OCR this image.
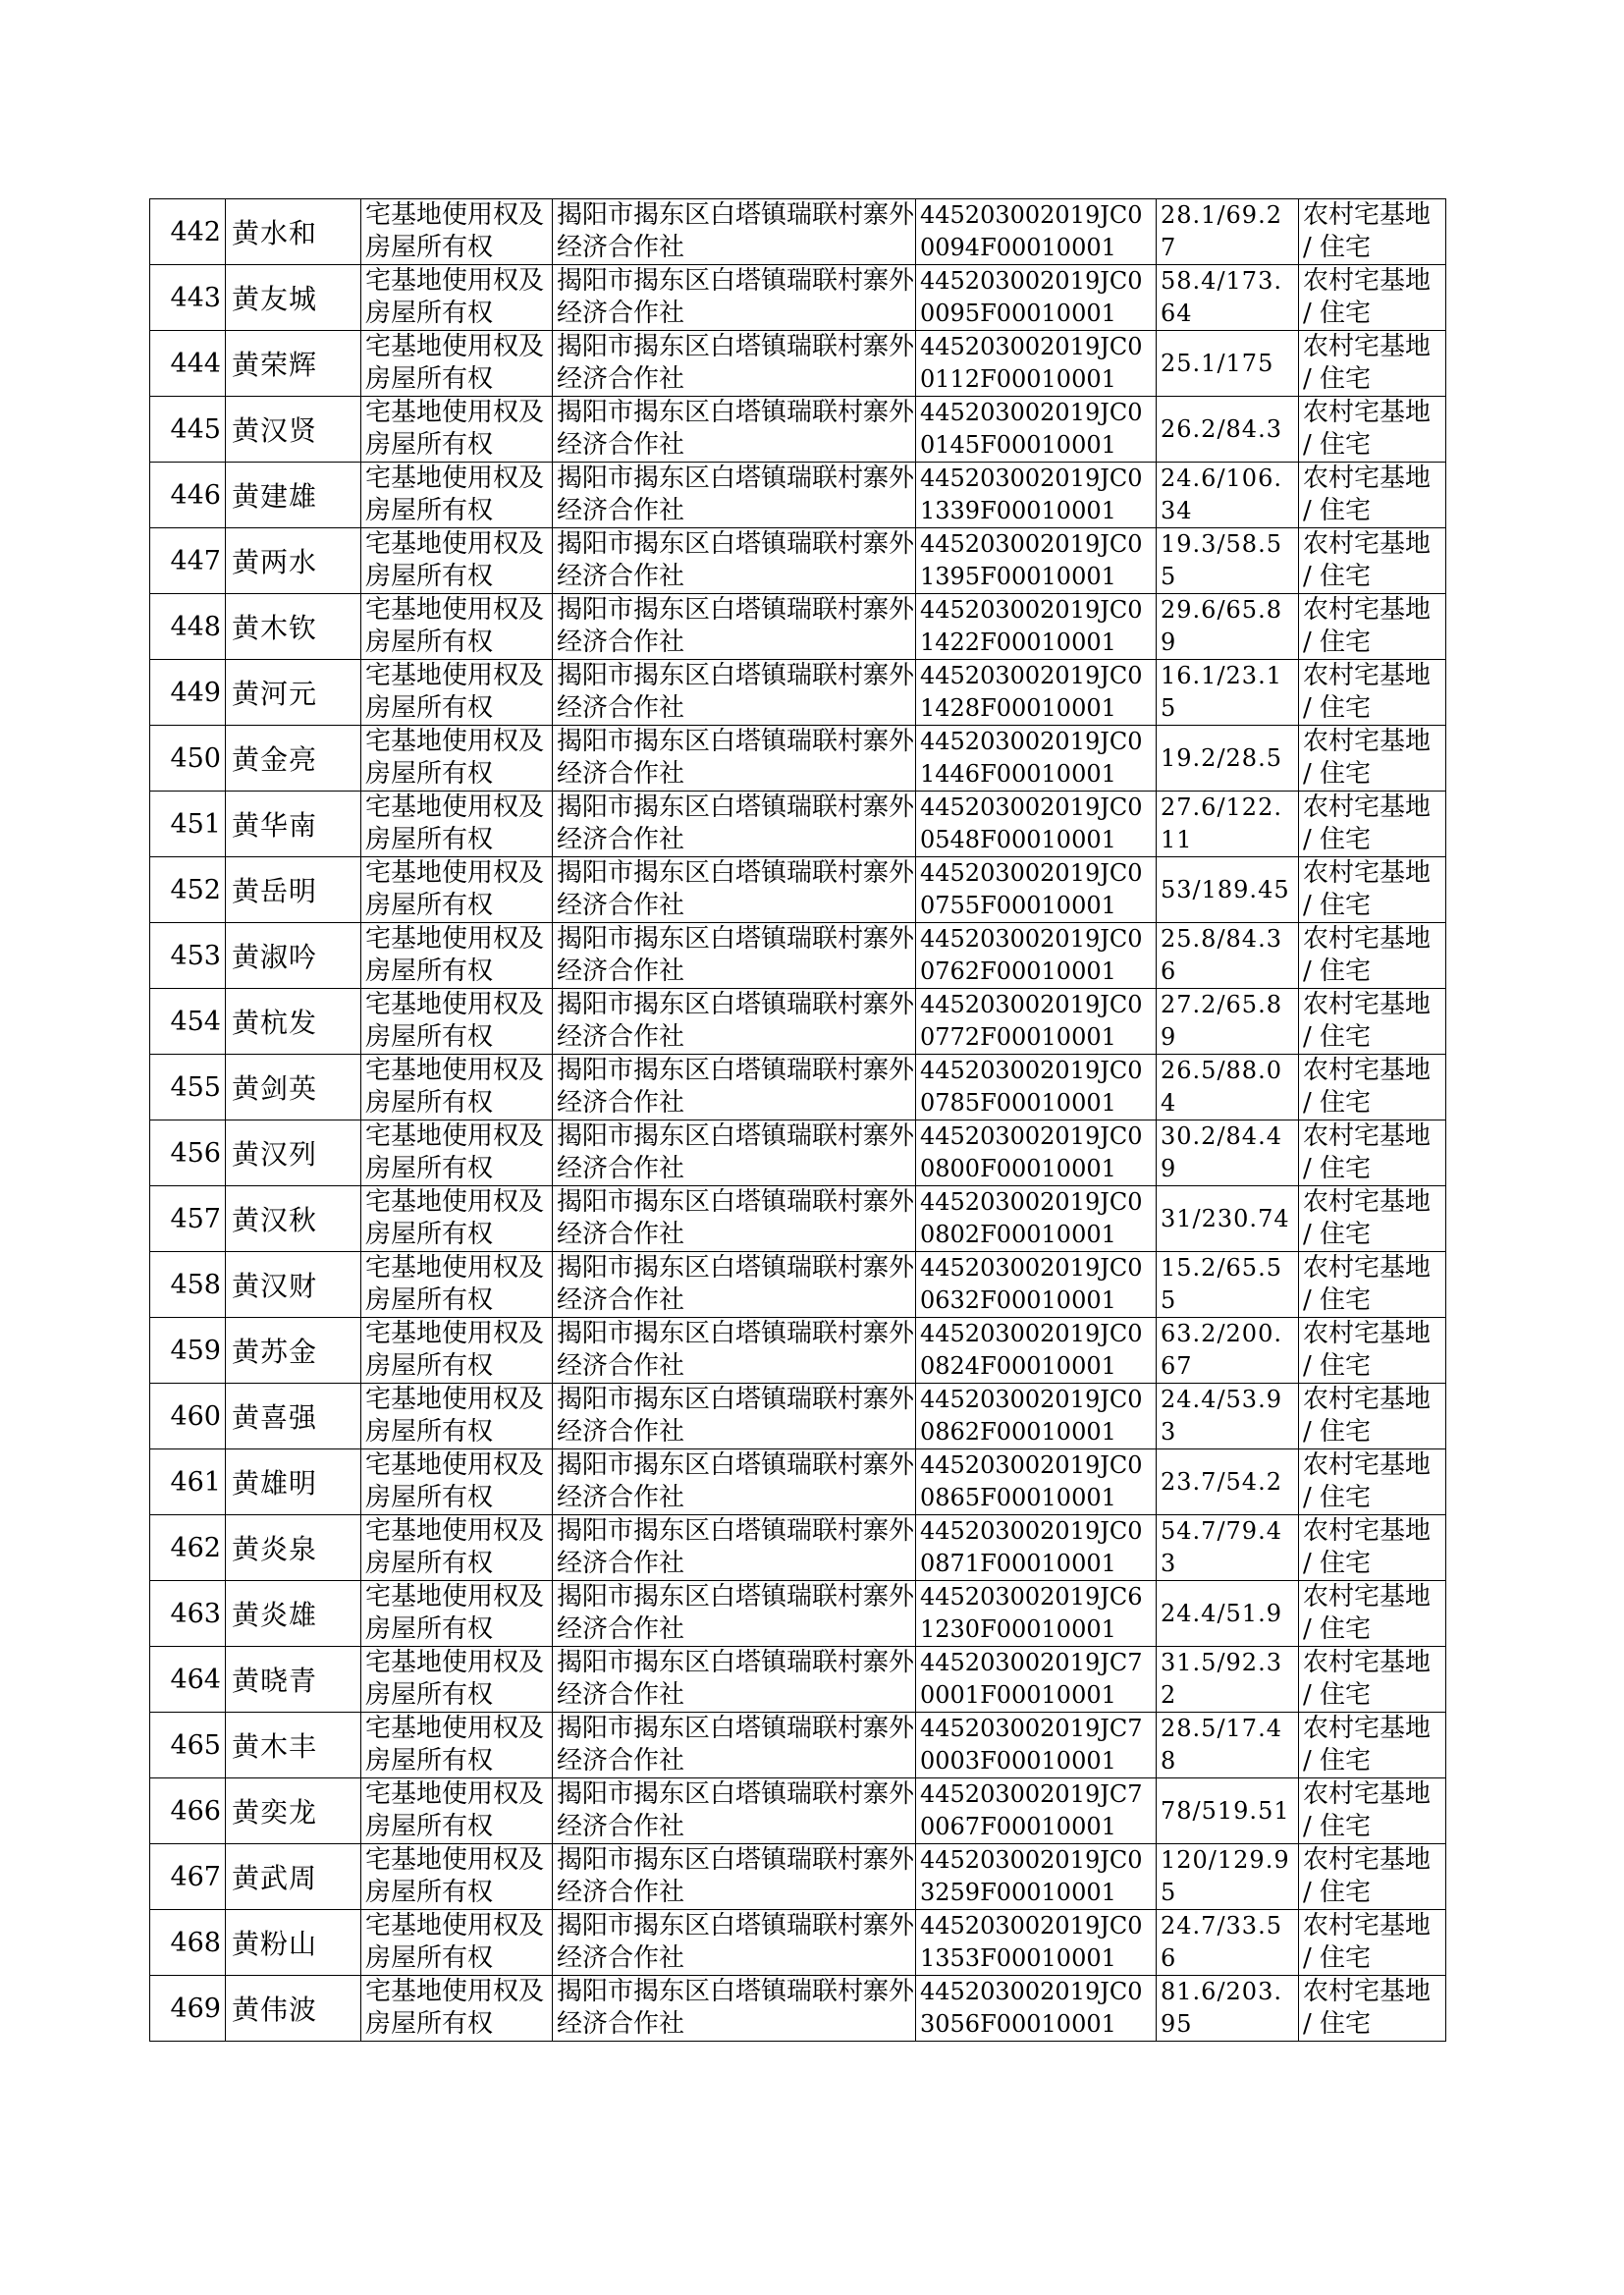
442	黄水和	宅基地使用权及房屋所有权	揭阳市揭东区白塔镇瑞联村寨外经济合作社	445203002019JC00094F00010001	28.1/69.27	农村宅基地 / 住宅
443	黄友城	宅基地使用权及房屋所有权	揭阳市揭东区白塔镇瑞联村寨外经济合作社	445203002019JC00095F00010001	58.4/173.64	农村宅基地 / 住宅
444	黄荣辉	宅基地使用权及房屋所有权	揭阳市揭东区白塔镇瑞联村寨外经济合作社	445203002019JC00112F00010001	25.1/175	农村宅基地 / 住宅
445	黄汉贤	宅基地使用权及房屋所有权	揭阳市揭东区白塔镇瑞联村寨外经济合作社	445203002019JC00145F00010001	26.2/84.3	农村宅基地 / 住宅
446	黄建雄	宅基地使用权及房屋所有权	揭阳市揭东区白塔镇瑞联村寨外经济合作社	445203002019JC01339F00010001	24.6/106.34	农村宅基地 / 住宅
447	黄两水	宅基地使用权及房屋所有权	揭阳市揭东区白塔镇瑞联村寨外经济合作社	445203002019JC01395F00010001	19.3/58.55	农村宅基地 / 住宅
448	黄木钦	宅基地使用权及房屋所有权	揭阳市揭东区白塔镇瑞联村寨外经济合作社	445203002019JC01422F00010001	29.6/65.89	农村宅基地 / 住宅
449	黄河元	宅基地使用权及房屋所有权	揭阳市揭东区白塔镇瑞联村寨外经济合作社	445203002019JC01428F00010001	16.1/23.15	农村宅基地 / 住宅
450	黄金亮	宅基地使用权及房屋所有权	揭阳市揭东区白塔镇瑞联村寨外经济合作社	445203002019JC01446F00010001	19.2/28.5	农村宅基地 / 住宅
451	黄华南	宅基地使用权及房屋所有权	揭阳市揭东区白塔镇瑞联村寨外经济合作社	445203002019JC00548F00010001	27.6/122.11	农村宅基地 / 住宅
452	黄岳明	宅基地使用权及房屋所有权	揭阳市揭东区白塔镇瑞联村寨外经济合作社	445203002019JC00755F00010001	53/189.45	农村宅基地 / 住宅
453	黄淑吟	宅基地使用权及房屋所有权	揭阳市揭东区白塔镇瑞联村寨外经济合作社	445203002019JC00762F00010001	25.8/84.36	农村宅基地 / 住宅
454	黄杭发	宅基地使用权及房屋所有权	揭阳市揭东区白塔镇瑞联村寨外经济合作社	445203002019JC00772F00010001	27.2/65.89	农村宅基地 / 住宅
455	黄剑英	宅基地使用权及房屋所有权	揭阳市揭东区白塔镇瑞联村寨外经济合作社	445203002019JC00785F00010001	26.5/88.04	农村宅基地 / 住宅
456	黄汉列	宅基地使用权及房屋所有权	揭阳市揭东区白塔镇瑞联村寨外经济合作社	445203002019JC00800F00010001	30.2/84.49	农村宅基地 / 住宅
457	黄汉秋	宅基地使用权及房屋所有权	揭阳市揭东区白塔镇瑞联村寨外经济合作社	445203002019JC00802F00010001	31/230.74	农村宅基地 / 住宅
458	黄汉财	宅基地使用权及房屋所有权	揭阳市揭东区白塔镇瑞联村寨外经济合作社	445203002019JC00632F00010001	15.2/65.55	农村宅基地 / 住宅
459	黄苏金	宅基地使用权及房屋所有权	揭阳市揭东区白塔镇瑞联村寨外经济合作社	445203002019JC00824F00010001	63.2/200.67	农村宅基地 / 住宅
460	黄喜强	宅基地使用权及房屋所有权	揭阳市揭东区白塔镇瑞联村寨外经济合作社	445203002019JC00862F00010001	24.4/53.93	农村宅基地 / 住宅
461	黄雄明	宅基地使用权及房屋所有权	揭阳市揭东区白塔镇瑞联村寨外经济合作社	445203002019JC00865F00010001	23.7/54.2	农村宅基地 / 住宅
462	黄炎泉	宅基地使用权及房屋所有权	揭阳市揭东区白塔镇瑞联村寨外经济合作社	445203002019JC00871F00010001	54.7/79.43	农村宅基地 / 住宅
463	黄炎雄	宅基地使用权及房屋所有权	揭阳市揭东区白塔镇瑞联村寨外经济合作社	445203002019JC61230F00010001	24.4/51.9	农村宅基地 / 住宅
464	黄晓青	宅基地使用权及房屋所有权	揭阳市揭东区白塔镇瑞联村寨外经济合作社	445203002019JC70001F00010001	31.5/92.32	农村宅基地 / 住宅
465	黄木丰	宅基地使用权及房屋所有权	揭阳市揭东区白塔镇瑞联村寨外经济合作社	445203002019JC70003F00010001	28.5/17.48	农村宅基地 / 住宅
466	黄奕龙	宅基地使用权及房屋所有权	揭阳市揭东区白塔镇瑞联村寨外经济合作社	445203002019JC70067F00010001	78/519.51	农村宅基地 / 住宅
467	黄武周	宅基地使用权及房屋所有权	揭阳市揭东区白塔镇瑞联村寨外经济合作社	445203002019JC03259F00010001	120/129.95	农村宅基地 / 住宅
468	黄粉山	宅基地使用权及房屋所有权	揭阳市揭东区白塔镇瑞联村寨外经济合作社	445203002019JC01353F00010001	24.7/33.56	农村宅基地 / 住宅
469	黄伟波	宅基地使用权及房屋所有权	揭阳市揭东区白塔镇瑞联村寨外经济合作社	445203002019JC03056F00010001	81.6/203.95	农村宅基地 / 住宅
